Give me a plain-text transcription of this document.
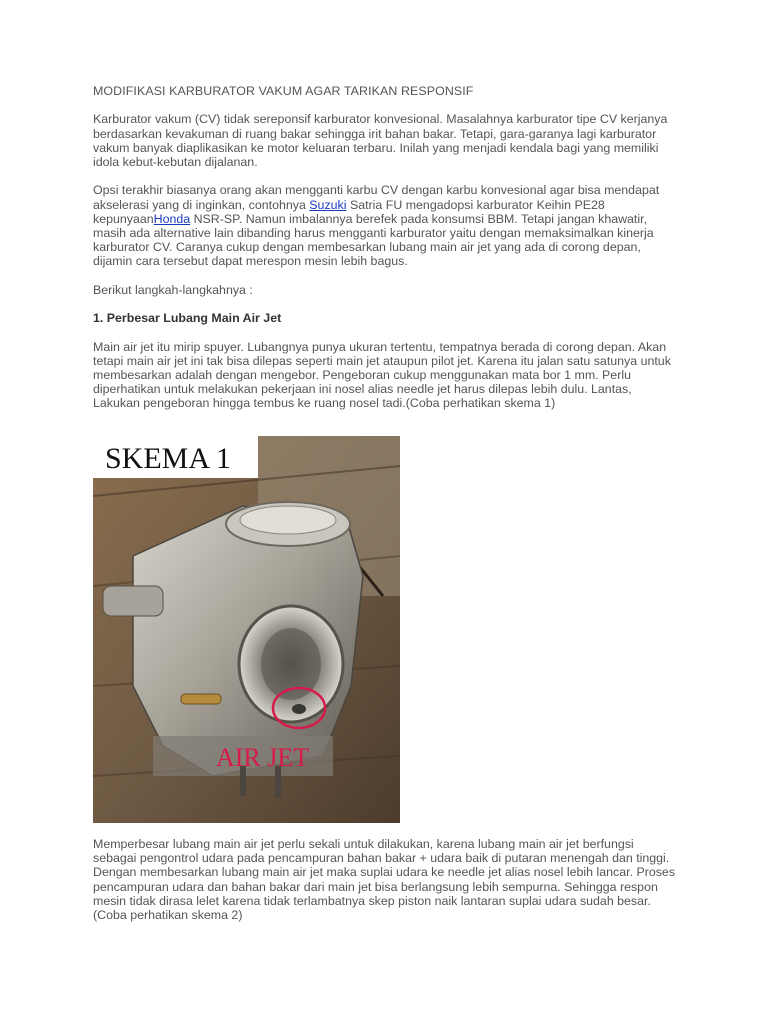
MODIFIKASI KARBURATOR VAKUM AGAR TARIKAN RESPONSIF

Karburator vakum (CV) tidak sereponsif karburator konvesional. Masalahnya karburator tipe CV kerjanya berdasarkan kevakuman di ruang bakar sehingga irit bahan bakar. Tetapi, gara-garanya lagi karburator vakum banyak diaplikasikan ke motor keluaran terbaru. Inilah yang menjadi kendala bagi yang memiliki idola kebut-kebutan dijalanan.

Opsi terakhir biasanya orang akan mengganti karbu CV dengan karbu konvesional agar bisa mendapat akselerasi yang di inginkan, contohnya Suzuki Satria FU mengadopsi karburator Keihin PE28 kepunyaanHonda NSR-SP. Namun imbalannya berefek pada konsumsi BBM. Tetapi jangan khawatir, masih ada alternative lain dibanding harus mengganti karburator yaitu dengan memaksimalkan kinerja karburator CV. Caranya cukup dengan membesarkan lubang main air jet yang ada di corong depan, dijamin cara tersebut dapat merespon mesin lebih bagus.

Berikut langkah-langkahnya :

1. Perbesar Lubang Main Air Jet

Main air jet itu mirip spuyer. Lubangnya punya ukuran tertentu, tempatnya berada di corong depan. Akan tetapi main air jet ini tak bisa dilepas seperti main jet ataupun pilot jet. Karena itu jalan satu satunya untuk membesarkan adalah dengan mengebor. Pengeboran cukup menggunakan mata bor 1 mm. Perlu diperhatikan untuk melakukan pekerjaan ini nosel alias needle jet harus dilepas lebih dulu. Lantas, Lakukan pengeboran hingga tembus ke ruang nosel tadi.(Coba perhatikan skema 1)

SKEMA 1
AIR JET

Memperbesar lubang main air jet perlu sekali untuk dilakukan, karena lubang main air jet berfungsi sebagai pengontrol udara pada pencampuran bahan bakar + udara baik di putaran menengah dan tinggi. Dengan membesarkan lubang main air jet maka suplai udara ke needle jet alias nosel lebih lancar. Proses pencampuran udara dan bahan bakar dari main jet bisa berlangsung lebih sempurna. Sehingga respon mesin tidak dirasa lelet karena tidak terlambatnya skep piston naik lantaran suplai udara sudah besar. (Coba perhatikan skema 2)
